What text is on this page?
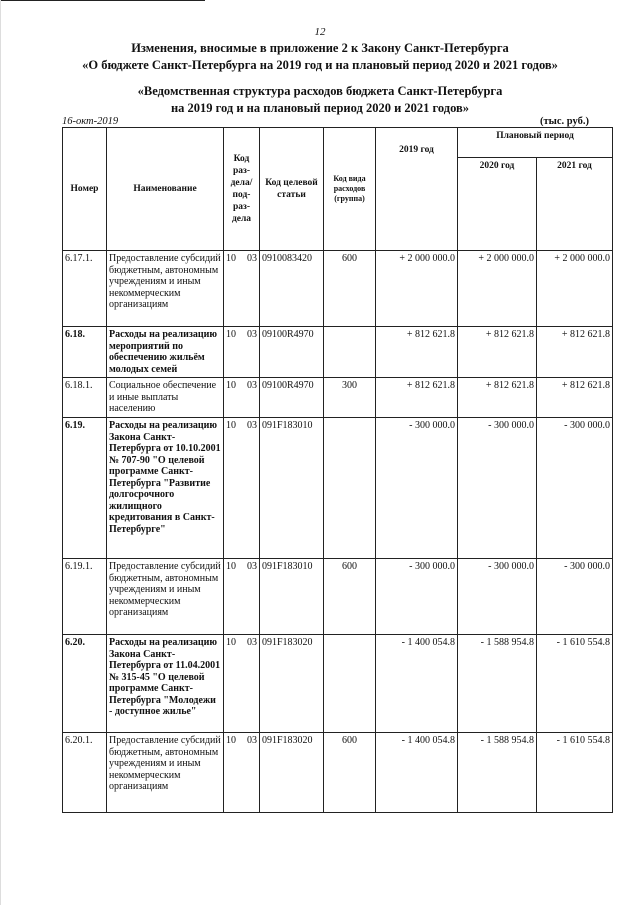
12
Изменения, вносимые в приложение 2 к Закону Санкт-Петербурга
«О бюджете Санкт-Петербурга на 2019 год и на плановый период 2020 и 2021 годов»
«Ведомственная структура расходов бюджета Санкт-Петербурга
на 2019 год и на плановый период 2020 и 2021 годов»
16-окт-2019	(тыс. руб.)
Номер	Наименование	Код раз- дела/ под- раз- дела	Код целевой статьи	Код вида расходов (группа)	2019 год	Плановый период	
						2020 год	2021 год
6.17.1.	Предоставление субсидий бюджетным, автономным учреждениям и иным некоммерческим организациям	10 03	0910083420	600	+ 2 000 000.0	+ 2 000 000.0	+ 2 000 000.0
6.18.	Расходы на реализацию мероприятий по обеспечению жильём молодых семей	10 03	09100R4970		+ 812 621.8	+ 812 621.8	+ 812 621.8
6.18.1.	Социальное обеспечение и иные выплаты населению	10 03	09100R4970	300	+ 812 621.8	+ 812 621.8	+ 812 621.8
6.19.	Расходы на реализацию Закона Санкт-Петербурга от 10.10.2001 № 707-90 "О целевой программе Санкт-Петербурга "Развитие долгосрочного жилищного кредитования в Санкт-Петербурге"	10 03	091F183010		- 300 000.0	- 300 000.0	- 300 000.0
6.19.1.	Предоставление субсидий бюджетным, автономным учреждениям и иным некоммерческим организациям	10 03	091F183010	600	- 300 000.0	- 300 000.0	- 300 000.0
6.20.	Расходы на реализацию Закона Санкт-Петербурга от 11.04.2001 № 315-45 "О целевой программе Санкт-Петербурга "Молодежи - доступное жилье"	10 03	091F183020		- 1 400 054.8	- 1 588 954.8	- 1 610 554.8
6.20.1.	Предоставление субсидий бюджетным, автономным учреждениям и иным некоммерческим организациям	10 03	091F183020	600	- 1 400 054.8	- 1 588 954.8	- 1 610 554.8
